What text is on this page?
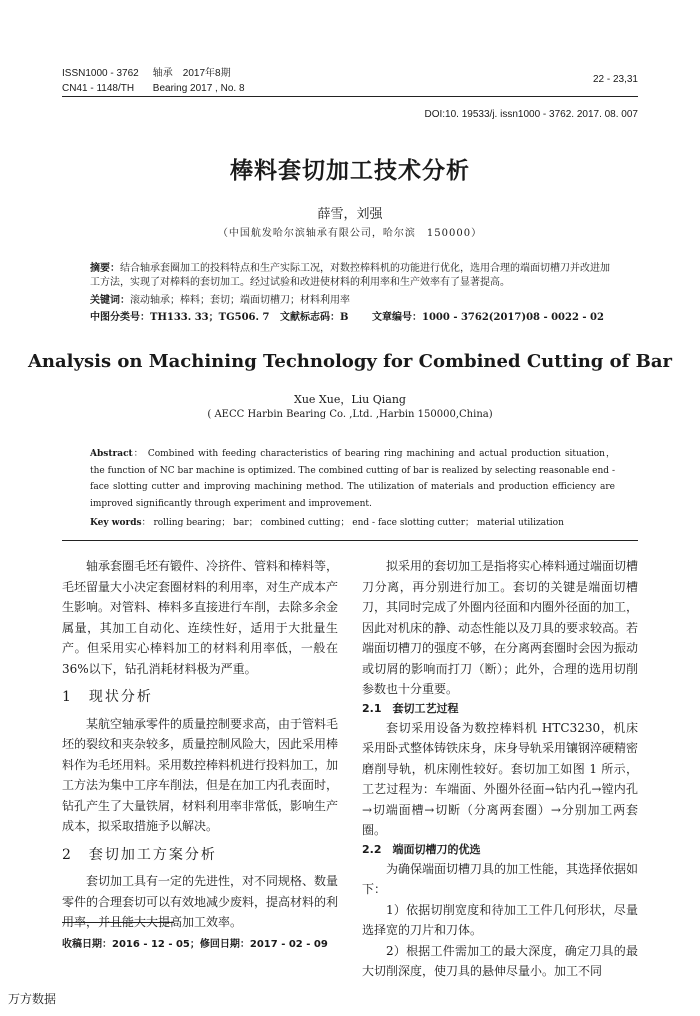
ISSN1000 - 3762 轴承　2017年8期
CN41 - 1148/TH Bearing 2017 , No. 8
22 - 23,31
DOI:10. 19533/j. issn1000 - 3762. 2017. 08. 007
棒料套切加工技术分析
薛雪，刘强
（中国航发哈尔滨轴承有限公司，哈尔滨　150000）
摘要：结合轴承套圈加工的投料特点和生产实际工况，对数控棒料机的功能进行优化，选用合理的端面切槽刀并改进加工方法，实现了对棒料的套切加工。经过试验和改进使材料的利用率和生产效率有了显著提高。
关键词：滚动轴承；棒料；套切；端面切槽刀；材料利用率
中图分类号：TH133. 33；TG506. 7 文献标志码：B 文章编号：1000 - 3762(2017)08 - 0022 - 02
Analysis on Machining Technology for Combined Cutting of Bar
Xue Xue，Liu Qiang
( AECC Harbin Bearing Co. ,Ltd. ,Harbin 150000,China)
Abstract： Combined with feeding characteristics of bearing ring machining and actual production situation， the function of NC bar machine is optimized. The combined cutting of bar is realized by selecting reasonable end - face slotting cutter and improving machining method. The utilization of materials and production efficiency are improved significantly through experiment and improvement.
Key words： rolling bearing； bar； combined cutting； end - face slotting cutter； material utilization

轴承套圈毛坯有锻件、冷挤件、管料和棒料等，毛坯留量大小决定套圈材料的利用率，对生产成本产生影响。对管料、棒料多直接进行车削，去除多余金属量，其加工自动化、连续性好，适用于大批量生产。但采用实心棒料加工的材料利用率低，一般在36%以下，钻孔消耗材料极为严重。

1　现状分析

某航空轴承零件的质量控制要求高，由于管料毛坯的裂纹和夹杂较多，质量控制风险大，因此采用棒料作为毛坯用料。采用数控棒料机进行投料加工，加工方法为集中工序车削法，但是在加工内孔表面时，钻孔产生了大量铁屑，材料利用率非常低，影响生产成本，拟采取措施予以解决。

2　套切加工方案分析

套切加工具有一定的先进性，对不同规格、数量零件的合理套切可以有效地减少废料，提高材料的利用率，并且能大大提高加工效率。

拟采用的套切加工是指将实心棒料通过端面切槽刀分离，再分别进行加工。套切的关键是端面切槽刀，其同时完成了外圈内径面和内圈外径面的加工，因此对机床的静、动态性能以及刀具的要求较高。若端面切槽刀的强度不够，在分离两套圈时会因为振动或切屑的影响而打刀（断）；此外，合理的选用切削参数也十分重要。

2.1　套切工艺过程

套切采用设备为数控棒料机 HTC3230，机床采用卧式整体铸铁床身，床身导轨采用镶钢淬硬精密磨削导轨，机床刚性较好。套切加工如图 1 所示，工艺过程为：车端面、外圈外径面→钻内孔→镗内孔→切端面槽→切断（分离两套圈）→分别加工两套圈。

2.2　端面切槽刀的优选

为确保端面切槽刀具的加工性能，其选择依据如下：

1）依据切削宽度和待加工工件几何形状，尽量选择宽的刀片和刀体。

2）根据工件需加工的最大深度，确定刀具的最大切削深度，使刀具的悬伸尽量小。加工不同

收稿日期：2016 - 12 - 05；修回日期：2017 - 02 - 09
万方数据
